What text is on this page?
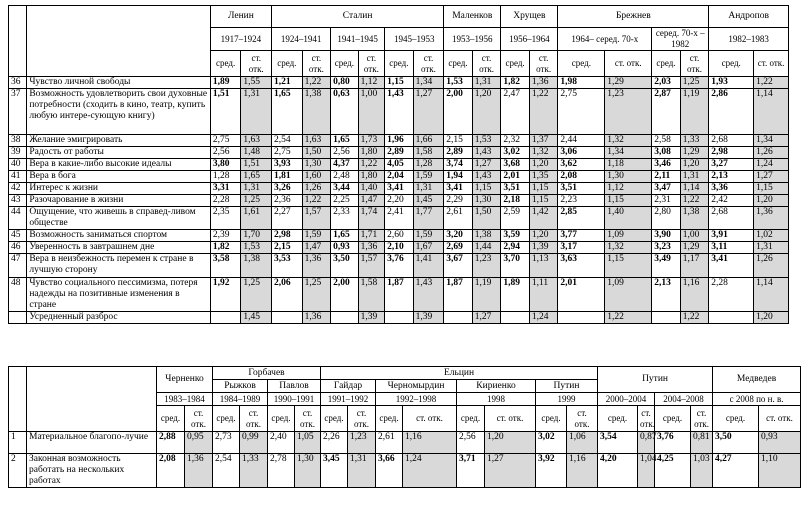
		Ленин		Сталин						Маленков		Хрущев		Брежнев				Андропов	
		1917–1924		1924–1941		1941–1945		1945–1953		1953–1956		1956–1964		1964– серед. 70-х		серед. 70-х – 1982		1982–1983	
		сред.	ст. отк.	сред.	ст. отк.	сред.	ст. отк.	сред.	ст. отк.	сред.	ст. отк.	сред.	ст. отк.	сред.	ст. отк.	сред.	ст. отк.	сред.	ст. отк.
36	Чувство личной свободы	1,89	1,55	1,21	1,22	0,80	1,12	1,15	1,34	1,53	1,31	1,82	1,36	1,98	1,29	2,03	1,25	1,93	1,22
37	Возможность удовлетворить свои духовные потребности (сходить в кино, театр, купить любую интере-сующую книгу)	1,51	1,31	1,65	1,38	0,63	1,00	1,43	1,27	2,00	1,20	2,47	1,22	2,75	1,23	2,87	1,19	2,86	1,14
38	Желание эмигрировать	2,75	1,63	2,54	1,63	1,65	1,73	1,96	1,66	2,15	1,53	2,32	1,37	2,44	1,32	2,58	1,33	2,68	1,34
39	Радость от работы	2,56	1,48	2,75	1,50	2,56	1,80	2,89	1,58	2,89	1,43	3,02	1,32	3,06	1,34	3,08	1,29	2,98	1,26
40	Вера в какие-либо высокие идеалы	3,80	1,51	3,93	1,30	4,37	1,22	4,05	1,28	3,74	1,27	3,68	1,20	3,62	1,18	3,46	1,20	3,27	1,24
41	Вера в бога	1,28	1,65	1,81	1,60	2,48	1,80	2,04	1,59	1,94	1,43	2,01	1,35	2,08	1,30	2,11	1,31	2,13	1,27
42	Интерес к жизни	3,31	1,31	3,26	1,26	3,44	1,40	3,41	1,31	3,41	1,15	3,51	1,15	3,51	1,12	3,47	1,14	3,36	1,15
43	Разочарование в жизни	2,28	1,25	2,36	1,22	2,25	1,47	2,20	1,45	2,29	1,30	2,18	1,15	2,23	1,15	2,31	1,22	2,42	1,20
44	Ощущение, что живешь в справед-ливом обществе	2,35	1,61	2,27	1,57	2,33	1,74	2,41	1,77	2,61	1,50	2,59	1,42	2,85	1,40	2,80	1,38	2,68	1,36
45	Возможность заниматься спортом	2,39	1,70	2,98	1,59	1,65	1,71	2,60	1,59	3,20	1,38	3,59	1,20	3,77	1,09	3,90	1,00	3,91	1,02
46	Уверенность в завтрашнем дне	1,82	1,53	2,15	1,47	0,93	1,36	2,10	1,67	2,69	1,44	2,94	1,39	3,17	1,32	3,23	1,29	3,11	1,31
47	Вера в неизбежность перемен к стране в лучшую сторону	3,58	1,38	3,53	1,36	3,50	1,57	3,76	1,41	3,67	1,23	3,70	1,13	3,63	1,15	3,49	1,17	3,41	1,26
48	Чувство социального пессимизма, потеря надежды на позитивные изменения в стране	1,92	1,25	2,06	1,25	2,00	1,58	1,87	1,43	1,87	1,19	1,89	1,11	2,01	1,09	2,13	1,16	2,28	1,14
	Усредненный разброс		1,45		1,36		1,39		1,39		1,27		1,24		1,22		1,22		1,20
		Черненко		Горбачев				Ельцин								Путин				Медведев	
				Рыжков		Павлов		Гайдар		Черномырдин		Кириенко		Путин							
		1983–1984		1984–1989		1990–1991		1991–1992		1992–1998		1998		1999		2000–2004		2004–2008		с 2008 по н. в.	
		сред.	ст. отк.	сред.	ст. отк.	сред.	ст. отк.	сред.	ст. отк.	сред.	ст. отк.	сред.	ст. отк.	сред.	ст. отк.	сред.	ст. отк.	сред.	ст. отк.	сред.	ст. отк.
1	Материальное благопо-лучие	2,88	0,95	2,73	0,99	2,40	1,05	2,26	1,23	2,61	1,16	2,56	1,20	3,02	1,06	3,54	0,87	3,76	0,81	3,50	0,93
2	Законная возможность работать на нескольких работах	2,08	1,36	2,54	1,33	2,78	1,30	3,45	1,31	3,66	1,24	3,71	1,27	3,92	1,16	4,20	1,04	4,25	1,03	4,27	1,10
